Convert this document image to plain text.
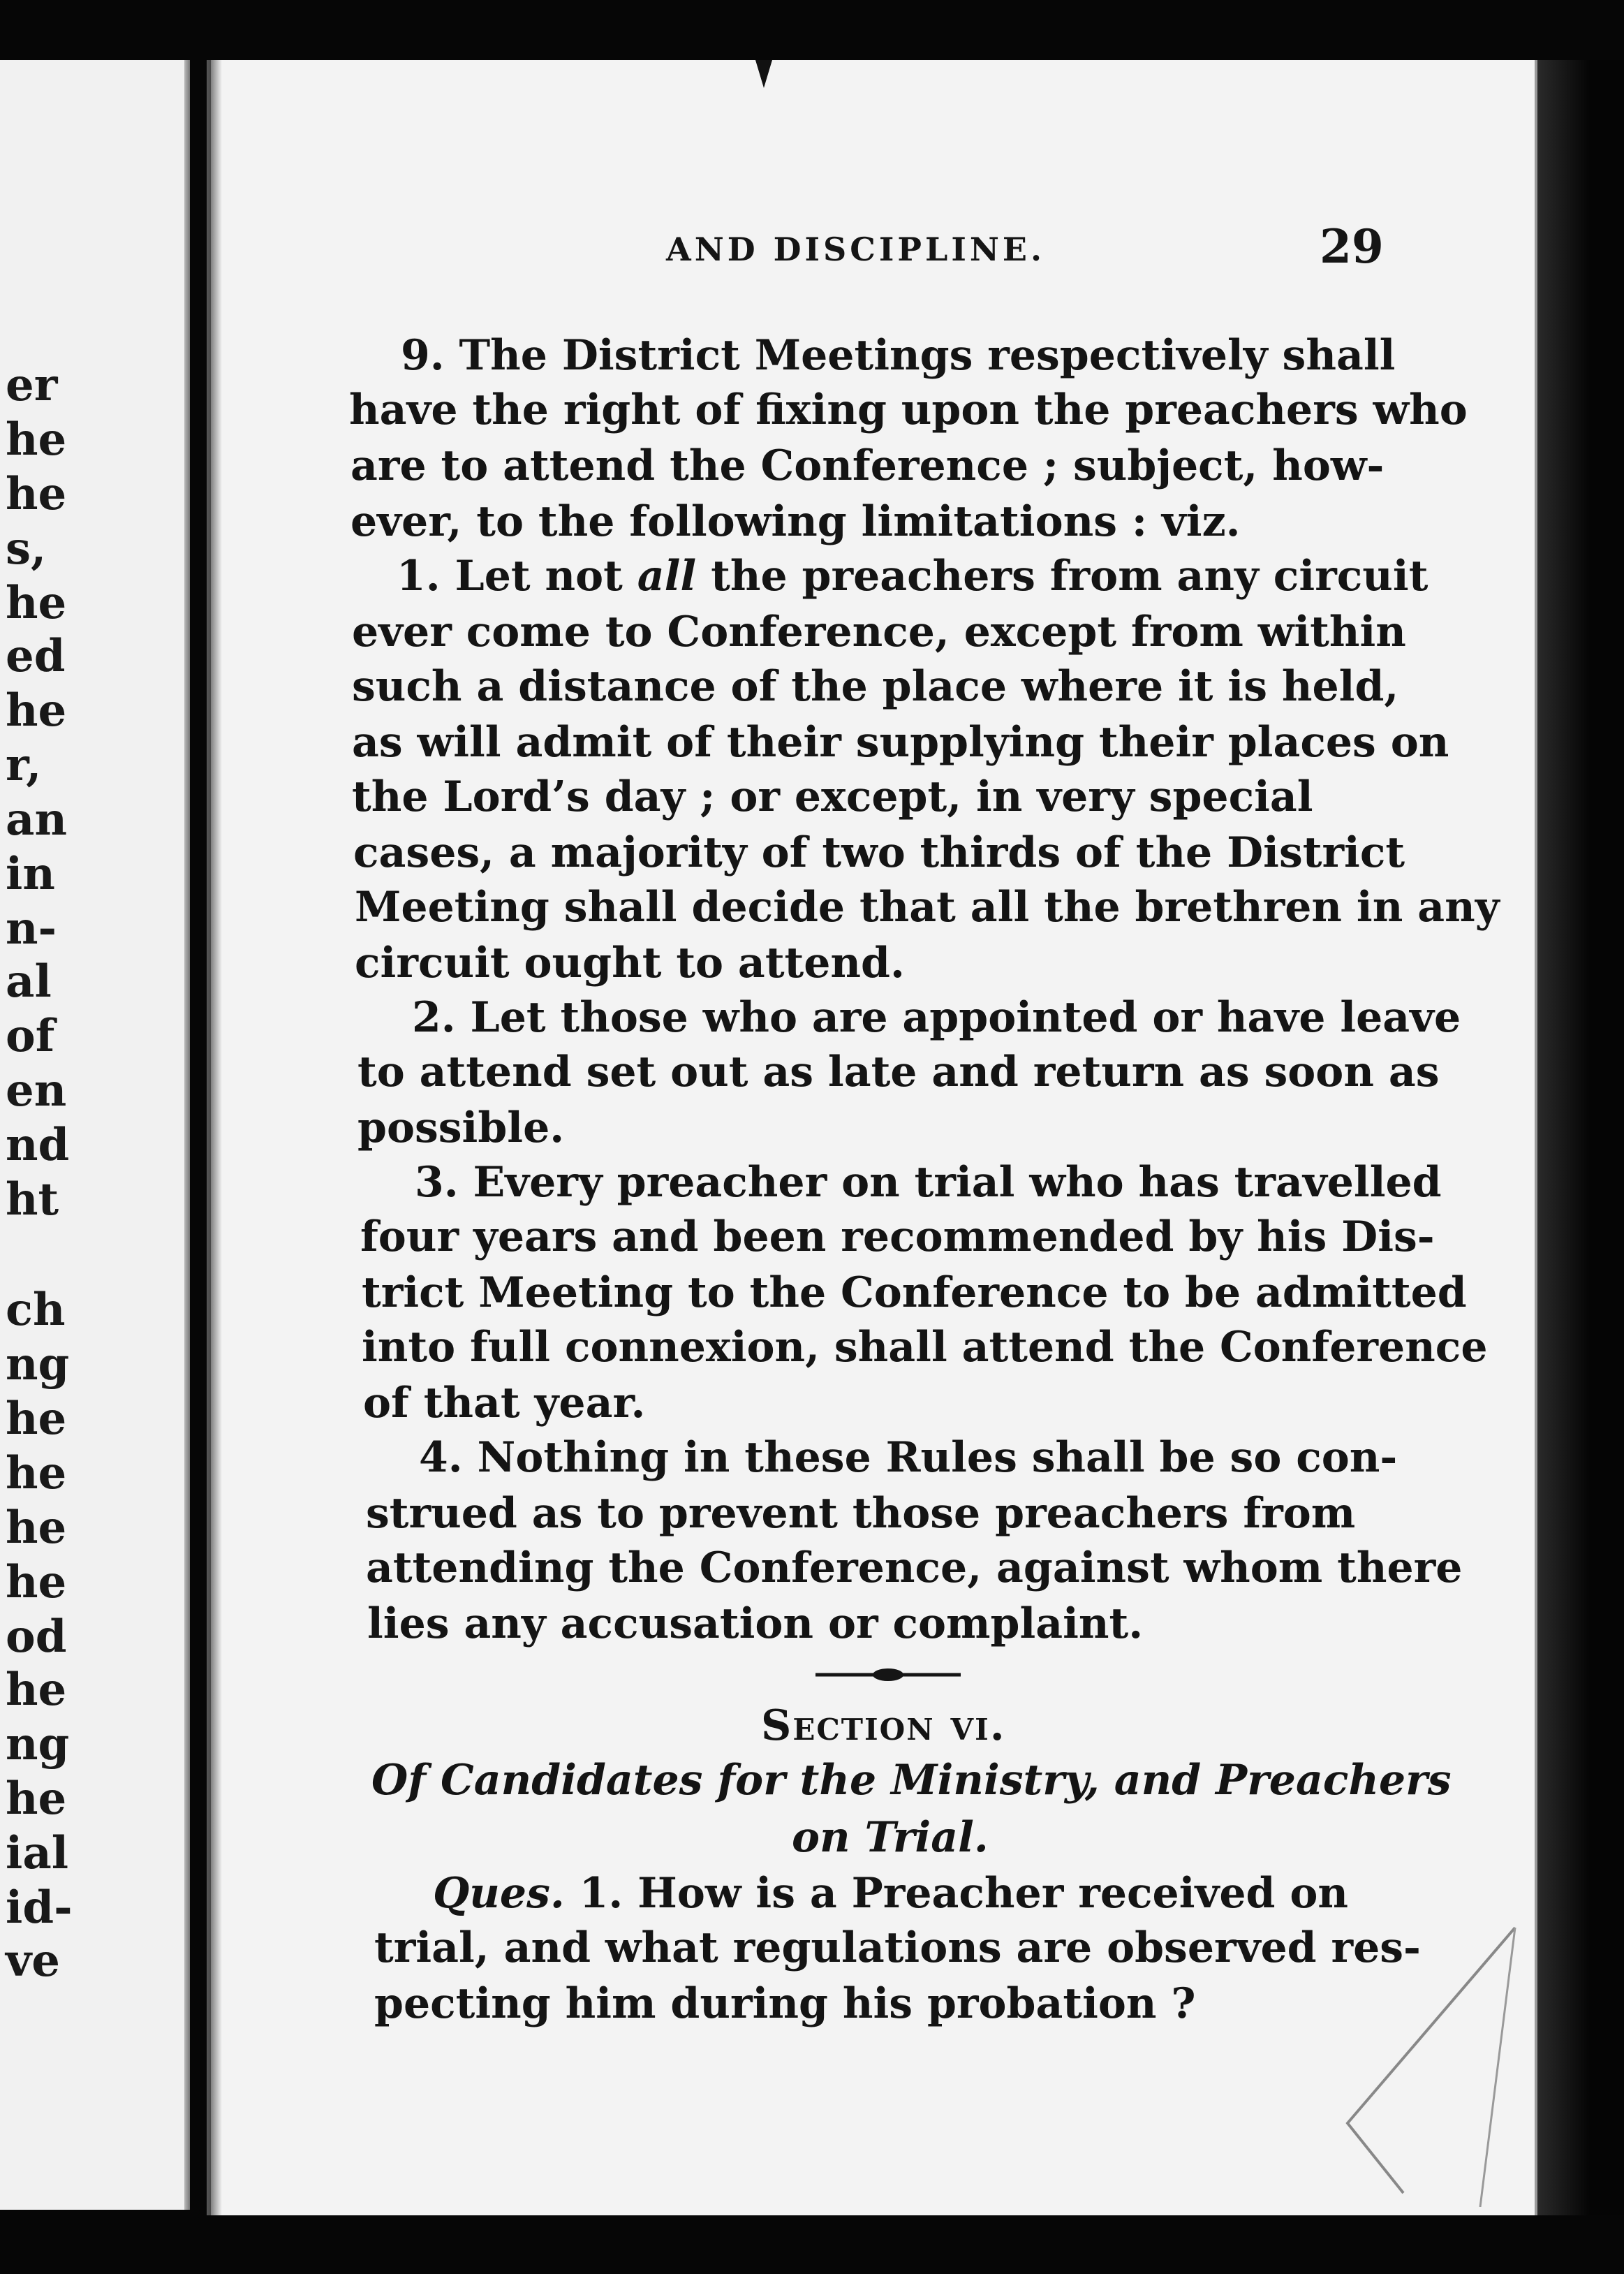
er
he
he
s,
he
ed
he
r,
an
in
n-
al
of
en
nd
ht
ch
ng
he
he
he
he
od
he
ng
he
ial
id-
ve
AND DISCIPLINE.	29
9. The District Meetings respectively shall
have the right of fixing upon the preachers who
are to attend the Conference ; subject, how-
ever, to the following limitations : viz.
1. Let not all the preachers from any circuit
ever come to Conference, except from within
such a distance of the place where it is held,
as will admit of their supplying their places on
the Lord’s day ; or except, in very special
cases, a majority of two thirds of the District
Meeting shall decide that all the brethren in any
circuit ought to attend.
2. Let those who are appointed or have leave
to attend set out as late and return as soon as
possible.
3. Every preacher on trial who has travelled
four years and been recommended by his Dis-
trict Meeting to the Conference to be admitted
into full connexion, shall attend the Conference
of that year.
4. Nothing in these Rules shall be so con-
strued as to prevent those preachers from
attending the Conference, against whom there
lies any accusation or complaint.
Section vi.
Of Candidates for the Ministry, and Preachers
on Trial.
Ques. 1. How is a Preacher received on
trial, and what regulations are observed res-
pecting him during his probation ?
